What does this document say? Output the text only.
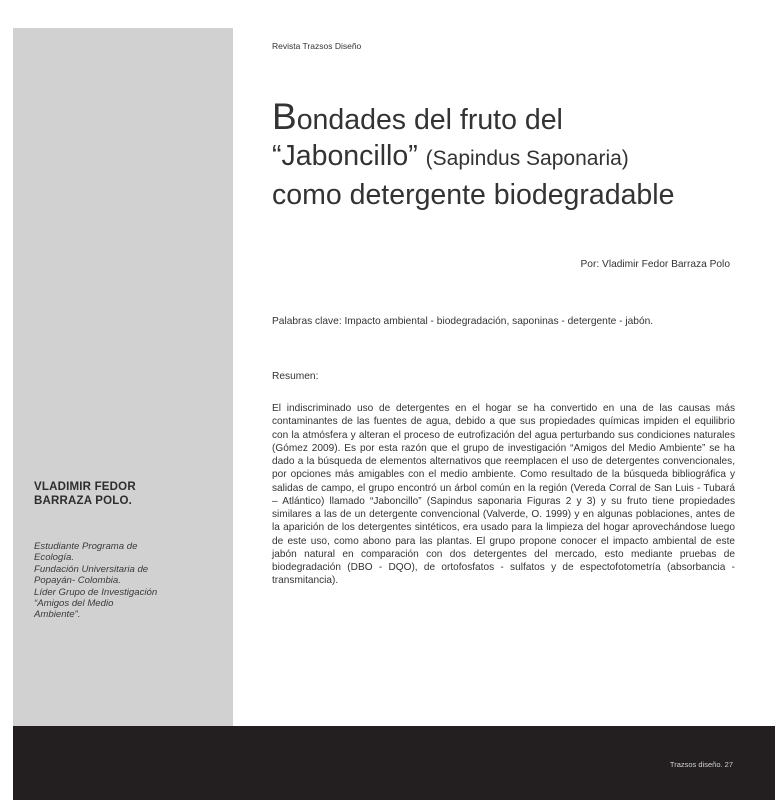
VLADIMIR FEDOR
BARRAZA POLO.

Estudiante Programa de
Ecología.
Fundación Universitaria de
Popayán- Colombia.
Líder Grupo de Investigación
“Amigos del Medio
Ambiente”.
Revista Trazsos Diseño
Bondades del fruto del
“Jaboncillo” (Sapindus Saponaria)
como detergente biodegradable
Por: Vladimir Fedor Barraza Polo
Palabras clave: Impacto ambiental - biodegradación, saponinas - detergente - jabón.
Resumen:
El indiscriminado uso de detergentes en el hogar se ha convertido en una de las causas más contaminantes de las fuentes de agua, debido a que sus propiedades químicas impiden el equilibrio con la atmósfera y alteran el proceso de eutrofización del agua perturbando sus condiciones naturales (Gómez 2009). Es por esta razón que el grupo de investigación “Amigos del Medio Ambiente” se ha dado a la búsqueda de elementos alternativos que reemplacen el uso de detergentes convencionales, por opciones más amigables con el medio ambiente. Como resultado de la búsqueda bibliográfica y salidas de campo, el grupo encontró un árbol común en la región (Vereda Corral de San Luis - Tubará – Atlántico) llamado “Jaboncillo” (Sapindus saponaria Figuras 2 y 3) y su fruto tiene propiedades similares a las de un detergente convencional (Valverde, O. 1999) y en algunas poblaciones, antes de la aparición de los detergentes sintéticos, era usado para la limpieza del hogar aprovechándose luego de este uso, como abono para las plantas. El grupo propone conocer el impacto ambiental de este jabón natural en comparación con dos detergentes del mercado, esto mediante pruebas de biodegradación (DBO - DQO), de ortofosfatos - sulfatos y de espectofotometría (absorbancia - transmitancia).
Trazsos diseño. 27
